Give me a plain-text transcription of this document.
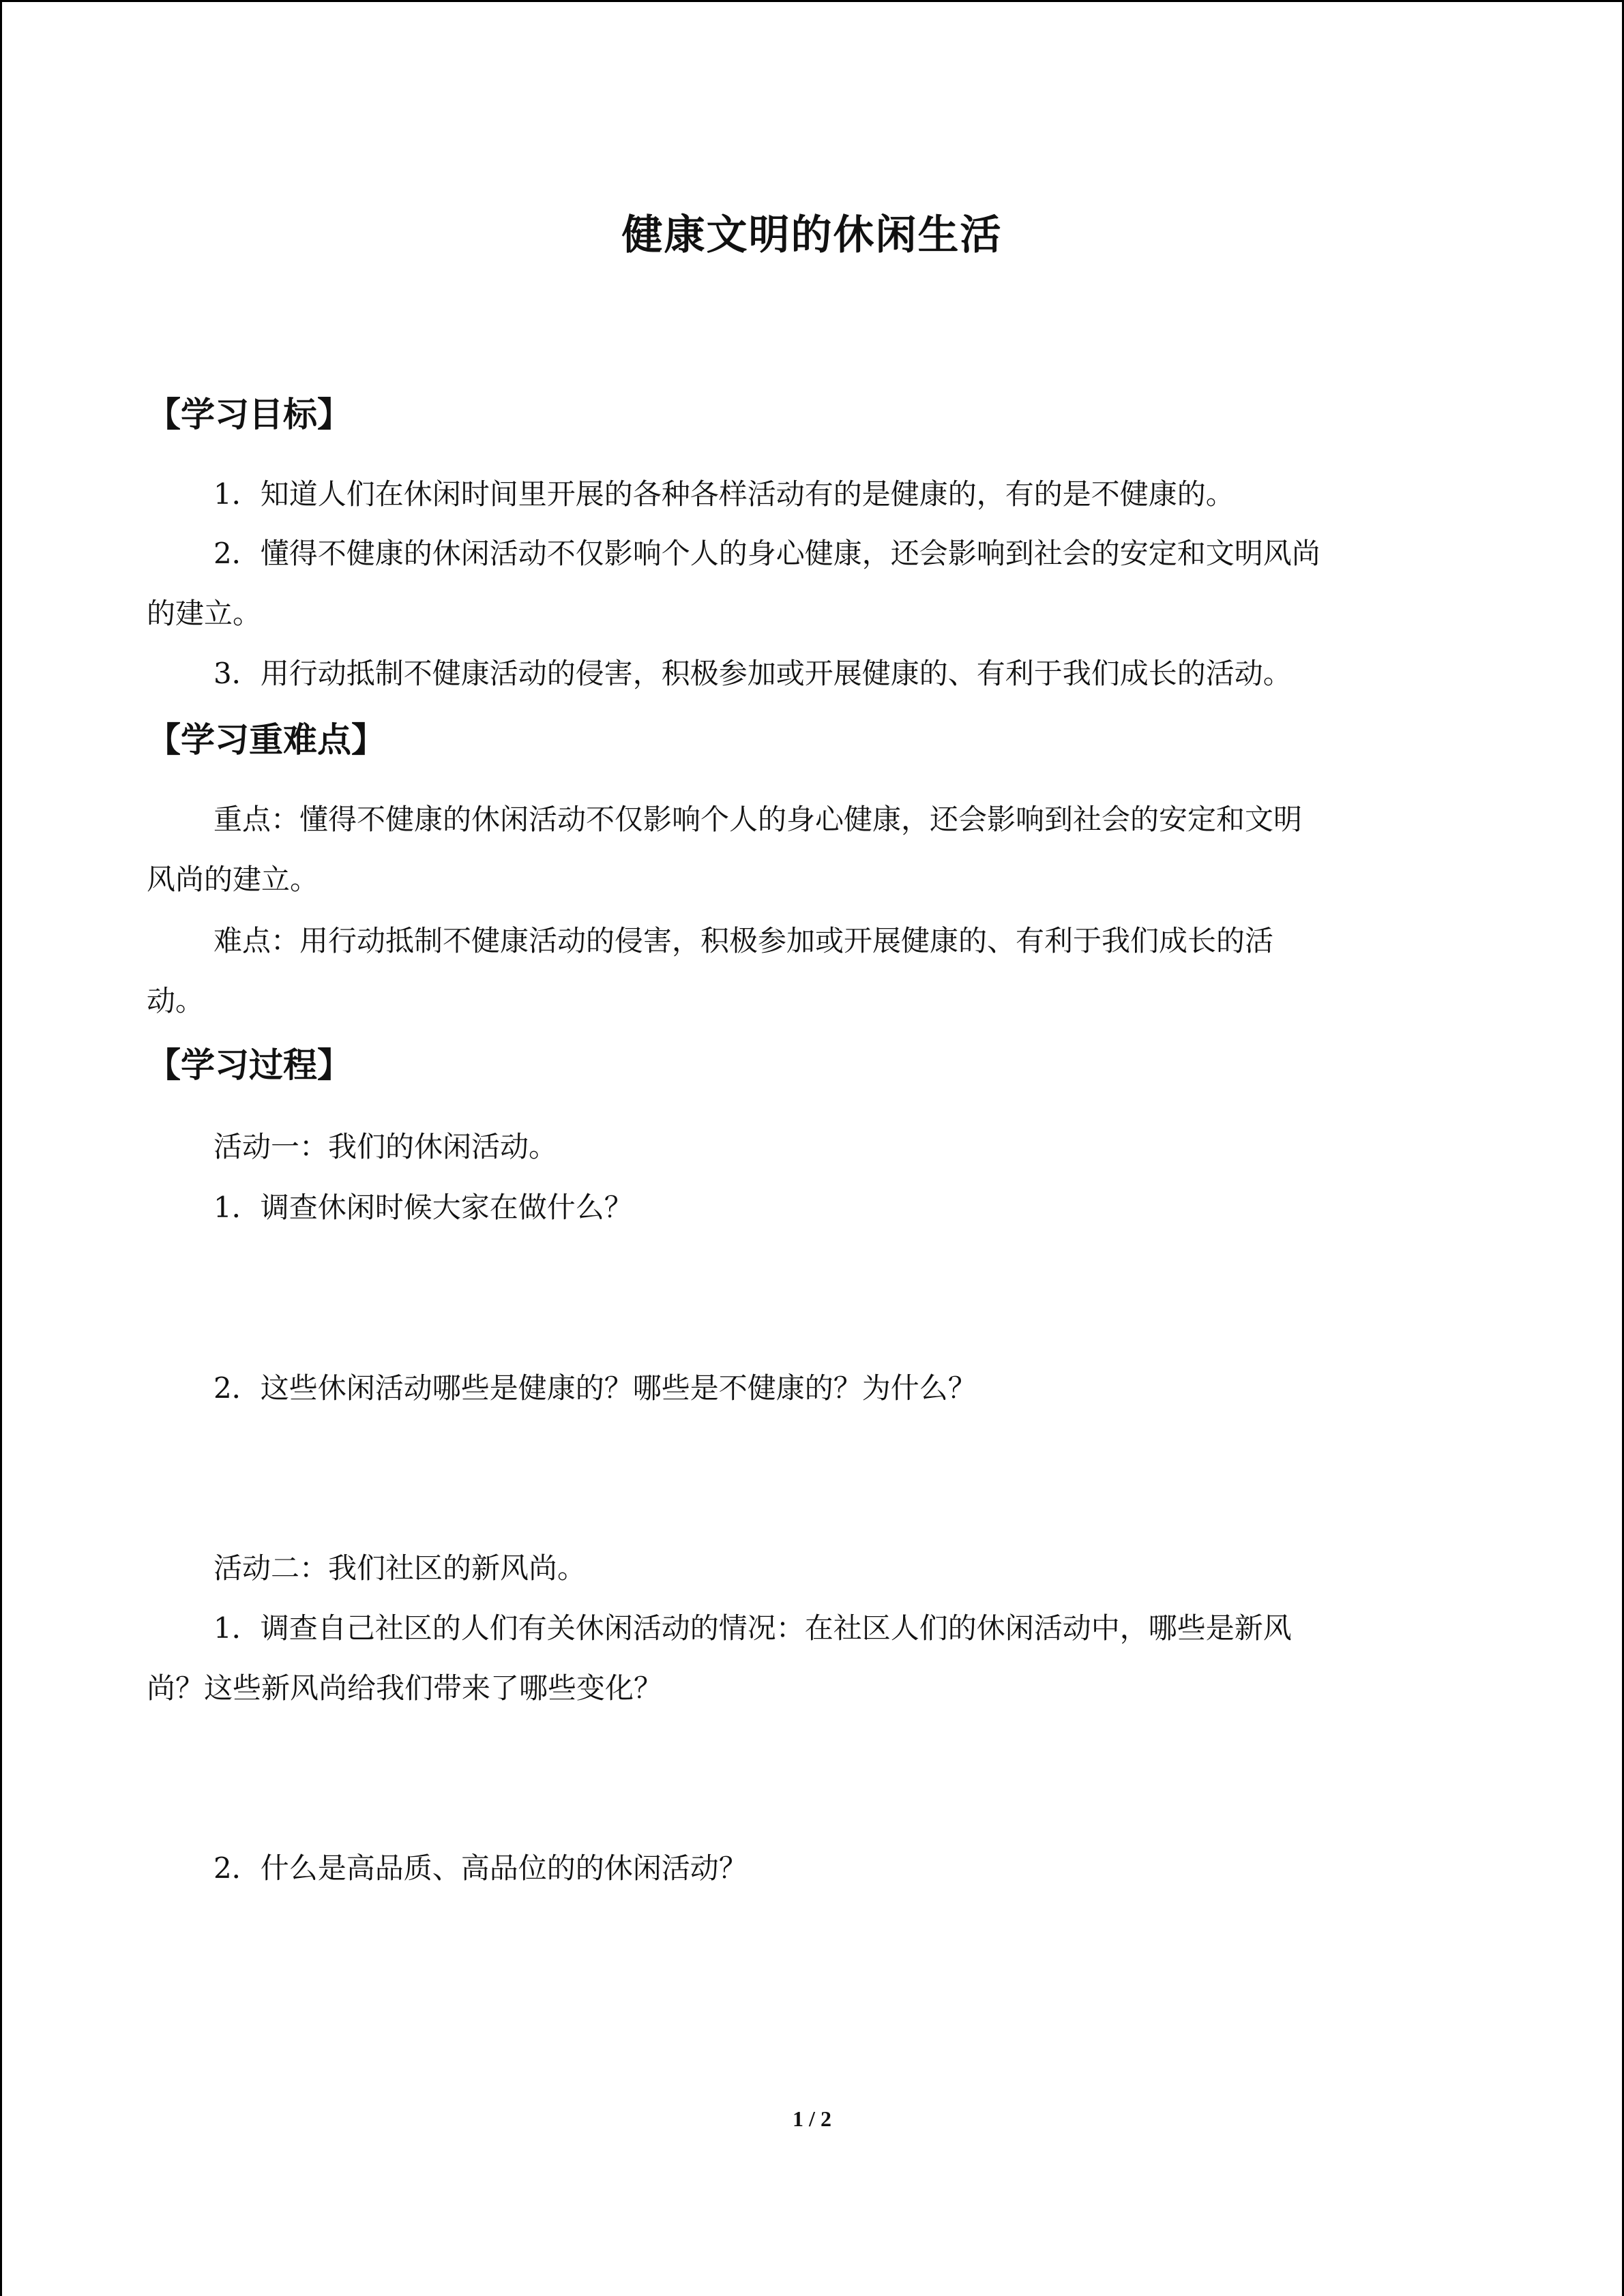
健康文明的休闲生活
【学习目标】
1．知道人们在休闲时间里开展的各种各样活动有的是健康的，有的是不健康的。
2．懂得不健康的休闲活动不仅影响个人的身心健康，还会影响到社会的安定和文明风尚
的建立。
3．用行动抵制不健康活动的侵害，积极参加或开展健康的、有利于我们成长的活动。
【学习重难点】
重点：懂得不健康的休闲活动不仅影响个人的身心健康，还会影响到社会的安定和文明
风尚的建立。
难点：用行动抵制不健康活动的侵害，积极参加或开展健康的、有利于我们成长的活
动。
【学习过程】
活动一：我们的休闲活动。
1．调查休闲时候大家在做什么？
2．这些休闲活动哪些是健康的？哪些是不健康的？为什么？
活动二：我们社区的新风尚。
1．调查自己社区的人们有关休闲活动的情况：在社区人们的休闲活动中，哪些是新风
尚？这些新风尚给我们带来了哪些变化？
2．什么是高品质、高品位的的休闲活动？
1 / 2
